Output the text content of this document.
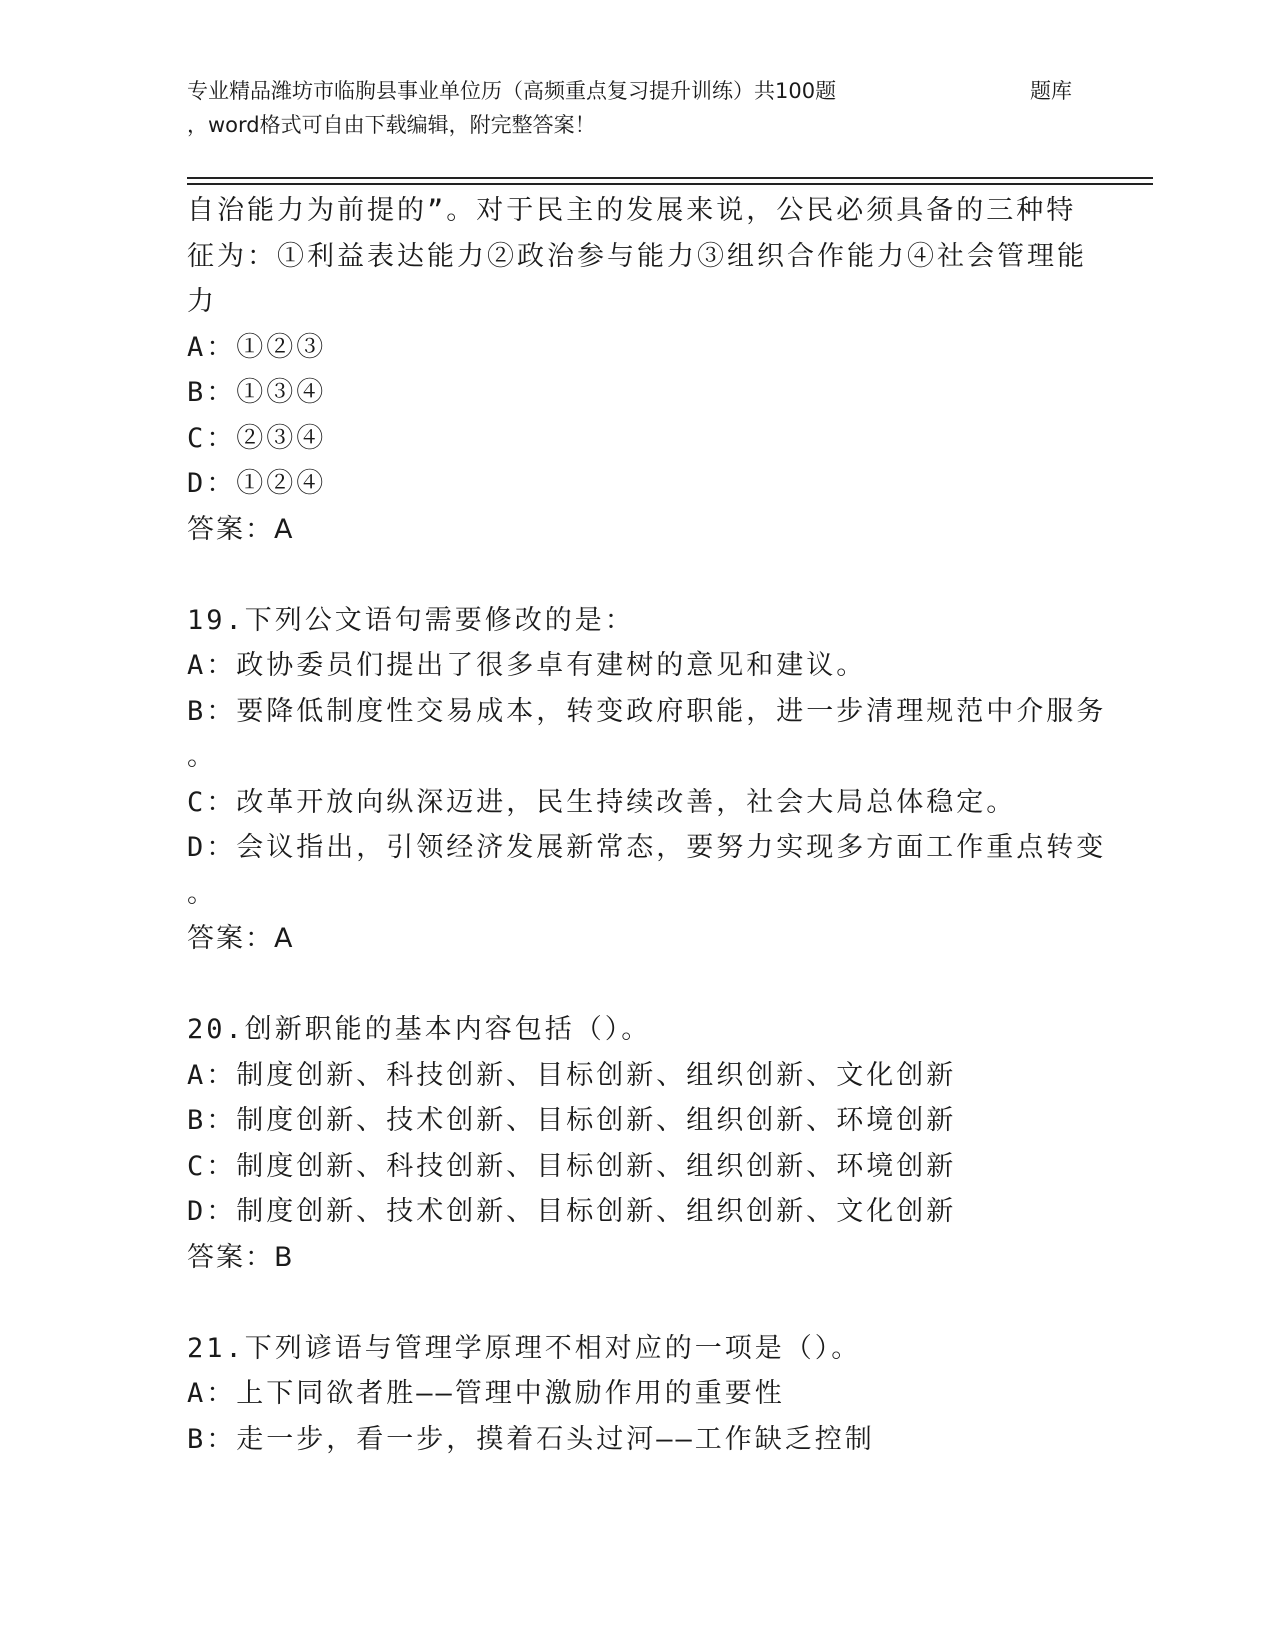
专业精品潍坊市临朐县事业单位历（高频重点复习提升训练）共100题	题库
，word格式可自由下载编辑，附完整答案！
自治能力为前提的”。对于民主的发展来说，公民必须具备的三种特
征为：①利益表达能力②政治参与能力③组织合作能力④社会管理能
力
A：①②③
B：①③④
C：②③④
D：①②④
答案：A
19.下列公文语句需要修改的是：
A：政协委员们提出了很多卓有建树的意见和建议。
B：要降低制度性交易成本，转变政府职能，进一步清理规范中介服务
。
C：改革开放向纵深迈进，民生持续改善，社会大局总体稳定。
D：会议指出，引领经济发展新常态，要努力实现多方面工作重点转变
。
答案：A
20.创新职能的基本内容包括（）。
A：制度创新、科技创新、目标创新、组织创新、文化创新
B：制度创新、技术创新、目标创新、组织创新、环境创新
C：制度创新、科技创新、目标创新、组织创新、环境创新
D：制度创新、技术创新、目标创新、组织创新、文化创新
答案：B
21.下列谚语与管理学原理不相对应的一项是（）。
A：上下同欲者胜——管理中激励作用的重要性
B：走一步，看一步，摸着石头过河——工作缺乏控制
